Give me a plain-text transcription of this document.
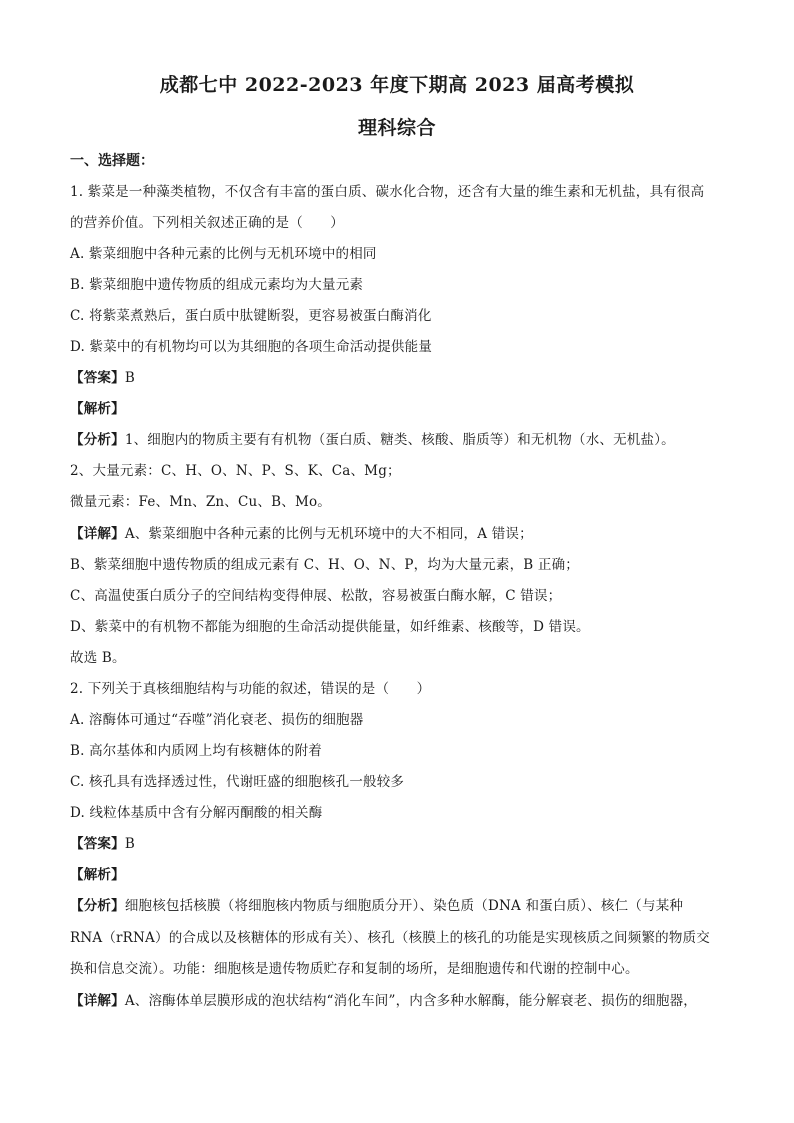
成都七中 2022-2023 年度下期高 2023 届高考模拟
理科综合
一、选择题：
1. 紫菜是一种藻类植物，不仅含有丰富的蛋白质、碳水化合物，还含有大量的维生素和无机盐，具有很高
的营养价值。下列相关叙述正确的是（　　）
A. 紫菜细胞中各种元素的比例与无机环境中的相同
B. 紫菜细胞中遗传物质的组成元素均为大量元素
C. 将紫菜煮熟后，蛋白质中肽键断裂，更容易被蛋白酶消化
D. 紫菜中的有机物均可以为其细胞的各项生命活动提供能量
【答案】B
【解析】
【分析】1、细胞内的物质主要有有机物（蛋白质、糖类、核酸、脂质等）和无机物（水、无机盐）。
2、大量元素：C、H、O、N、P、S、K、Ca、Mg；
微量元素：Fe、Mn、Zn、Cu、B、Mo。
【详解】A、紫菜细胞中各种元素的比例与无机环境中的大不相同，A 错误；
B、紫菜细胞中遗传物质的组成元素有 C、H、O、N、P，均为大量元素，B 正确；
C、高温使蛋白质分子的空间结构变得伸展、松散，容易被蛋白酶水解，C 错误；
D、紫菜中的有机物不都能为细胞的生命活动提供能量，如纤维素、核酸等，D 错误。
故选 B。
2. 下列关于真核细胞结构与功能的叙述，错误的是（　　）
A. 溶酶体可通过“吞噬”消化衰老、损伤的细胞器
B. 高尔基体和内质网上均有核糖体的附着
C. 核孔具有选择透过性，代谢旺盛的细胞核孔一般较多
D. 线粒体基质中含有分解丙酮酸的相关酶
【答案】B
【解析】
【分析】细胞核包括核膜（将细胞核内物质与细胞质分开）、染色质（DNA 和蛋白质）、核仁（与某种
RNA（rRNA）的合成以及核糖体的形成有关）、核孔（核膜上的核孔的功能是实现核质之间频繁的物质交
换和信息交流）。功能：细胞核是遗传物质贮存和复制的场所，是细胞遗传和代谢的控制中心。
【详解】A、溶酶体单层膜形成的泡状结构“消化车间”，内含多种水解酶，能分解衰老、损伤的细胞器，
